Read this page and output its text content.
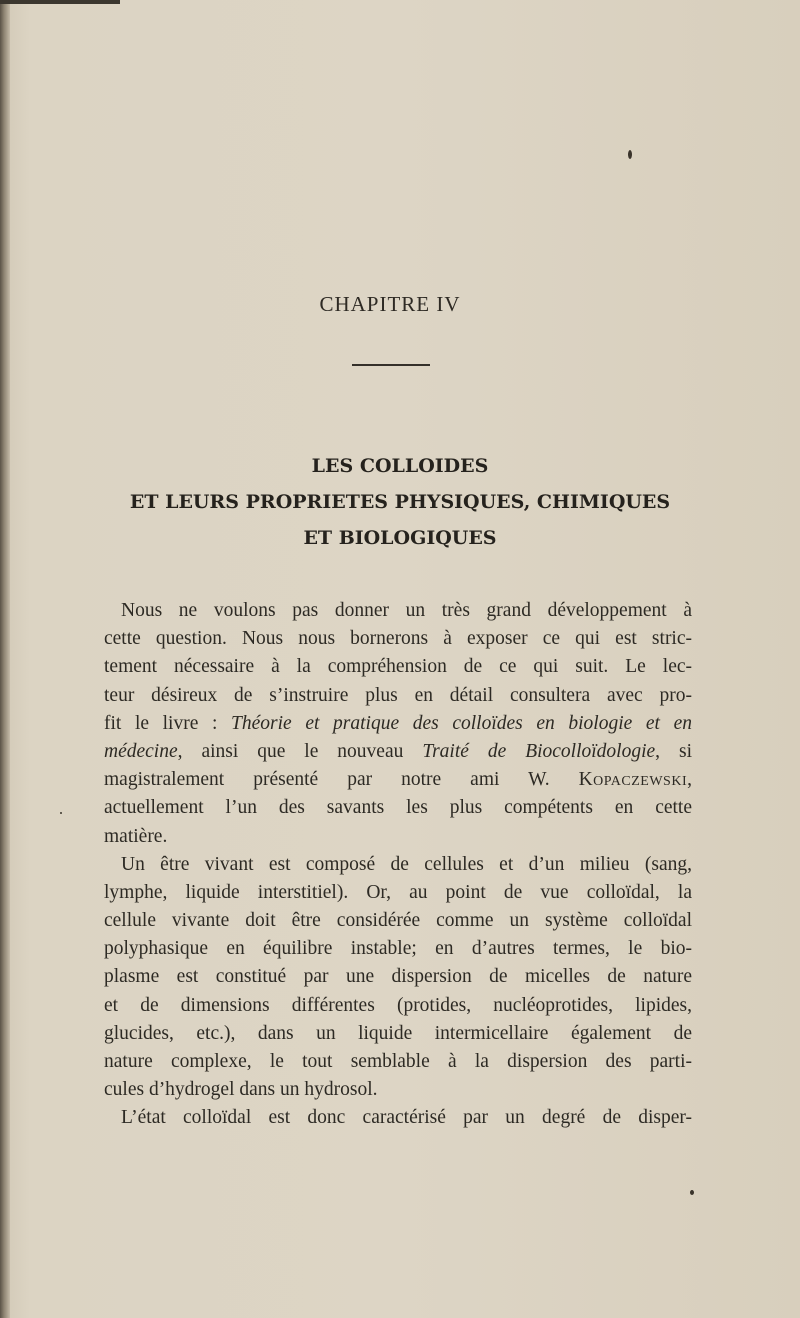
CHAPITRE IV
LES COLLOIDES
ET LEURS PROPRIETES PHYSIQUES, CHIMIQUES
ET BIOLOGIQUES
Nous ne voulons pas donner un très grand développement à
cette question. Nous nous bornerons à exposer ce qui est stric-
tement nécessaire à la compréhension de ce qui suit. Le lec-
teur désireux de s’instruire plus en détail consultera avec pro-
fit le livre : Théorie et pratique des colloïdes en biologie et en
médecine, ainsi que le nouveau Traité de Biocolloïdologie, si
magistralement présenté par notre ami W. Kopaczewski,
actuellement l’un des savants les plus compétents en cette
matière.
Un être vivant est composé de cellules et d’un milieu (sang,
lymphe, liquide interstitiel). Or, au point de vue colloïdal, la
cellule vivante doit être considérée comme un système colloïdal
polyphasique en équilibre instable; en d’autres termes, le bio-
plasme est constitué par une dispersion de micelles de nature
et de dimensions différentes (protides, nucléoprotides, lipides,
glucides, etc.), dans un liquide intermicellaire également de
nature complexe, le tout semblable à la dispersion des parti-
cules d’hydrogel dans un hydrosol.
L’état colloïdal est donc caractérisé par un degré de disper-
